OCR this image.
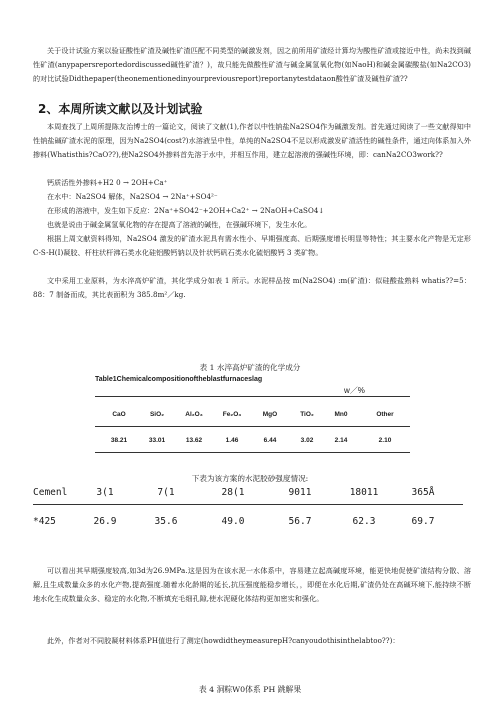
关于设计试验方案以验证酸性矿渣及碱性矿渣匹配不同类型的碱激发剂，因之前所用矿渣经计算均为酸性矿渣或接近中性，尚未找到碱性矿渣(anypapersreportedordiscussed碱性矿渣？)，故只能先做酸性矿渣与碱金属氢氧化物(如NaoH)和碱金属碳酸盐(如Na2CO3)的对比试验Didthepaper(theonementionedinyourpreviousreport)reportanytestdataon酸性矿渣及碱性矿渣??

2、本周所读文献以及计划试验

本周查找了上周所提陈友治博士的一篇论文，阅读了文献(1),作者以中性钠盐Na2SO4作为碱激发剂。首先通过阅读了一些文献得知中性钠盐碱矿渣水泥的原理，因为Na2SO4(cost?)水溶液呈中性，单纯的Na2SO4不足以形成激发矿渣活性的碱性条件，通过向体系加入外掺料(Whatisthis?CaO??),使Na2SO4外掺料首先溶于水中，并相互作用，建立起溶液的强碱性环境，即：canNa2CO3work??

钙质活性外掺料+H2 0 → 2OH+Ca⁺

在水中：Na2SO4 解体，Na2SO4 → 2Na⁺+SO4²⁻

在形成的溶液中，发生如下反应：2Na⁺+SO42⁻+2OH+Ca2⁺ → 2NaOH+CaSO4↓

也就是说由于碱金属氢氧化物的存在提高了溶液的碱性，在强碱环境下，发生水化。

根据上周文献资料得知，Na2SO4 激发的矿渣水泥具有需水性小、早期强度高、后期强度增长明显等特性；其主要水化产物是无定形 C-S-H(I)凝胶、杆柱状杆沸石类水化硅铝酸钙钠以及针状钙矾石类水化硫铝酸钙 3 类矿物。

文中采用工业原料，为水淬高炉矿渣，其化学成分如表 1 所示。水泥样品按 m(Na2SO4) :m(矿渣)：似硅酸盐熟料 whatis??=5：88：7 制备而成，其比表面积为 385.8m²／kg.

表 1 水淬高炉矿渣的化学成分

Table1Chemicalcompositionoftheblastfurnaceslag
w／%
CaO	SiO₂	Al₂O₃	Fe₂O₃	MgO	TiO₂	Mn0	Other
38.21	33.01	13.62	1.46	6.44	3.02	2.14	2.10

下表为该方案的水泥胶砂强度情况:

Cemenl	3(1	7(1	28(1	9011	18011	365Å
*425	26.9	35.6	49.0	56.7	62.3	69.7

可以看出其早期强度较高,如3d为26.9MPa.这是因为在该水泥一水体系中，容易建立起高碱度环境，能更快地促使矿渣结构分散、溶解,且生成数量众多的水化产物,提高强度.随着水化龄期的延长,抗压强度能稳步增长，，即便在水化后期,矿渣仍处在高碱环境下,能持续不断地水化生成数量众多、稳定的水化物,不断填充毛细孔隙,使水泥硬化体结构更加密实和强化。

此外，作者对不同胶凝材料体系PH值进行了测定(howdidtheymeasurepH?canyoudothisinthelabtoo??)：

表 4 洞粽W0体系 PH 跳解果
